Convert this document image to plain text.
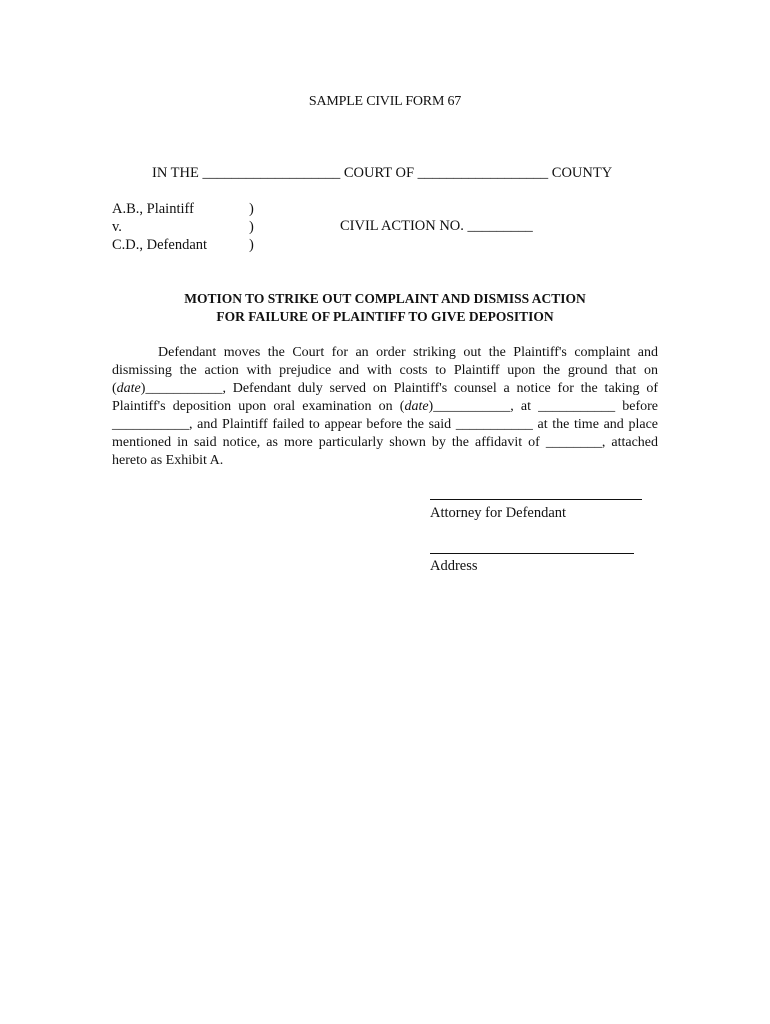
SAMPLE CIVIL FORM 67
IN THE ___________________ COURT OF __________________ COUNTY
A.B., Plaintiff	)
v.	)
C.D., Defendant	)
CIVIL ACTION NO. _________
MOTION TO STRIKE OUT COMPLAINT AND DISMISS ACTION
FOR FAILURE OF PLAINTIFF TO GIVE DEPOSITION
Defendant moves the Court for an order striking out the Plaintiff's complaint and dismissing the action with prejudice and with costs to Plaintiff upon the ground that on (date)___________, Defendant duly served on Plaintiff's counsel a notice for the taking of Plaintiff's deposition upon oral examination on (date)___________, at ___________ before ___________, and Plaintiff failed to appear before the said ___________ at the time and place mentioned in said notice, as more particularly shown by the affidavit of ________, attached hereto as Exhibit A.
Attorney for Defendant
Address
